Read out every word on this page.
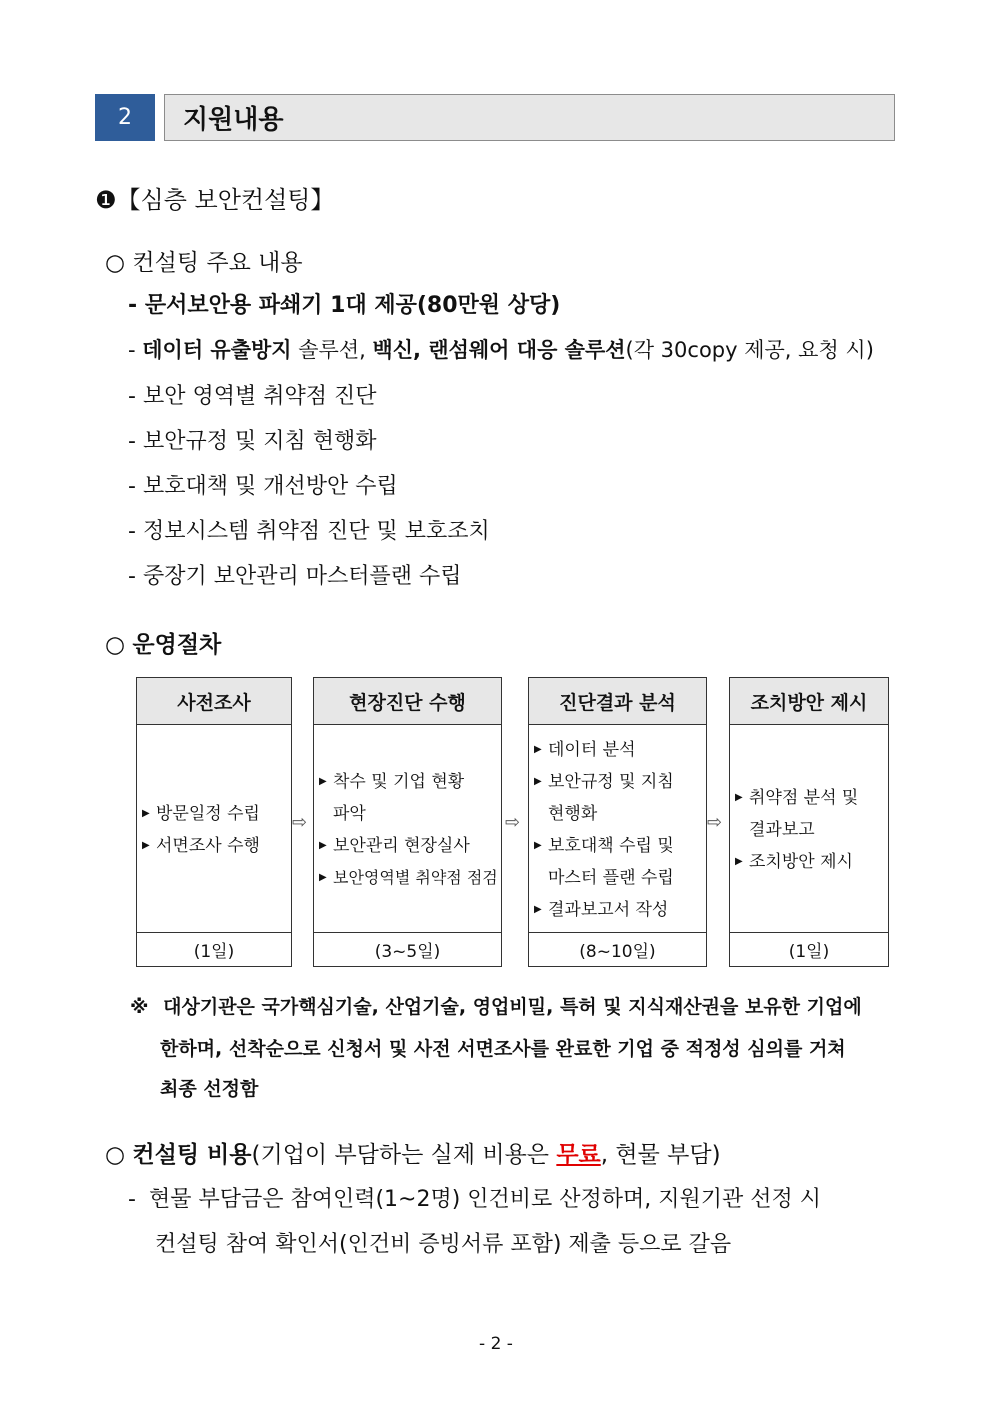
2	지원내용
❶【심층 보안컨설팅】
○ 컨설팅 주요 내용
- 문서보안용 파쇄기 1대 제공(80만원 상당)
- 데이터 유출방지 솔루션, 백신, 랜섬웨어 대응 솔루션(각 30copy 제공, 요청 시)
- 보안 영역별 취약점 진단
- 보안규정 및 지침 현행화
- 보호대책 및 개선방안 수립
- 정보시스템 취약점 진단 및 보호조치
- 중장기 보안관리 마스터플랜 수립
○ 운영절차
사전조사
▶ 방문일정 수립
▶ 서면조사 수행
(1일)
⇨
현장진단 수행
▶ 착수 및 기업 현황
파악
▶ 보안관리 현장실사
▶ 보안영역별 취약점 점검
(3~5일)
⇨
진단결과 분석
▶ 데이터 분석
▶ 보안규정 및 지침
현행화
▶ 보호대책 수립 및
마스터 플랜 수립
▶ 결과보고서 작성
(8~10일)
⇨
조치방안 제시
▶ 취약점 분석 및
결과보고
▶ 조치방안 제시
(1일)
※ 대상기관은 국가핵심기술, 산업기술, 영업비밀, 특허 및 지식재산권을 보유한 기업에
한하며, 선착순으로 신청서 및 사전 서면조사를 완료한 기업 중 적정성 심의를 거쳐
최종 선정함
○ 컨설팅 비용(기업이 부담하는 실제 비용은 무료, 현물 부담)
- 현물 부담금은 참여인력(1~2명) 인건비로 산정하며, 지원기관 선정 시
컨설팅 참여 확인서(인건비 증빙서류 포함) 제출 등으로 갈음
- 2 -
